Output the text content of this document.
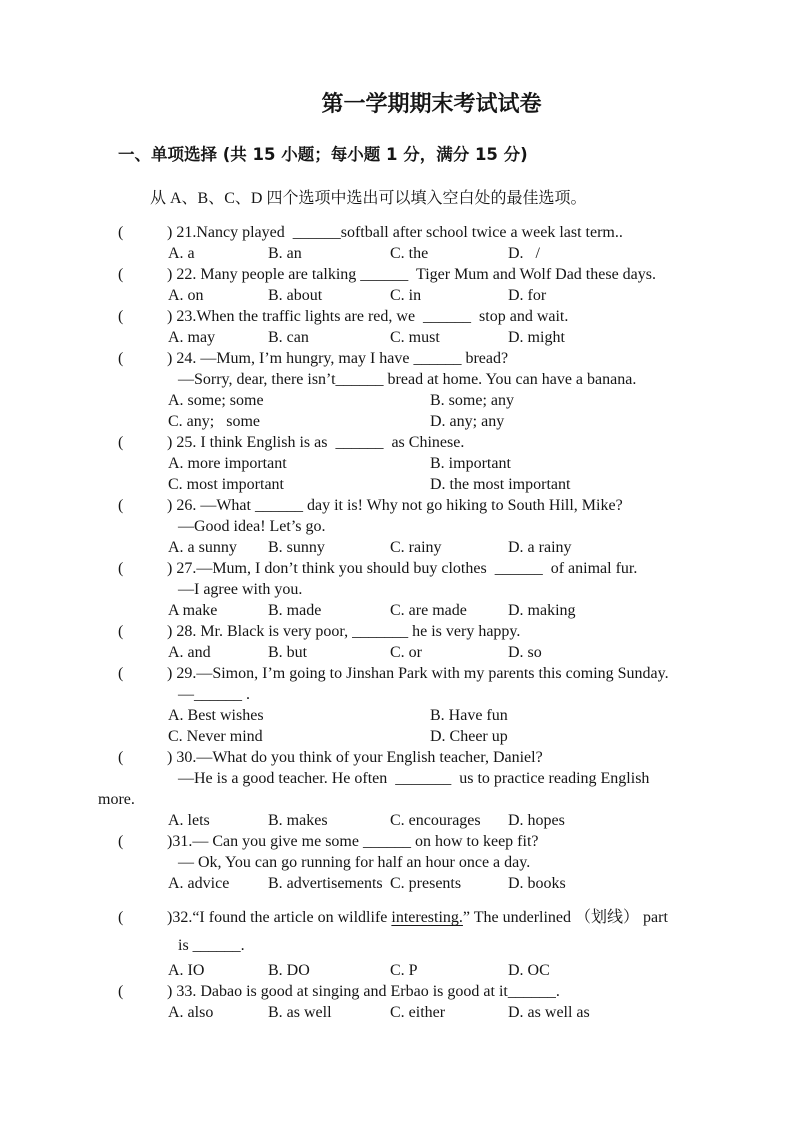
第一学期期末考试试卷
一、单项选择 (共 15 小题；每小题 1 分，满分 15 分)
从 A、B、C、D 四个选项中选出可以填入空白处的最佳选项。
(	) 21.Nancy played  ______softball after school twice a week last term..
A. a	B. an	C. the	D.   /
(	) 22. Many people are talking ______  Tiger Mum and Wolf Dad these days.
A. on	B. about	C. in	D. for
(	) 23.When the traffic lights are red, we  ______  stop and wait.
A. may	B. can	C. must	D. might
(	) 24. —Mum, I’m hungry, may I have ______ bread?
—Sorry, dear, there isn’t______ bread at home. You can have a banana.
A. some; some	B. some; any
C. any;   some	D. any; any
(	) 25. I think English is as  ______  as Chinese.
A. more important	B. important
C. most important	D. the most important
(	) 26. —What ______ day it is! Why not go hiking to South Hill, Mike?
—Good idea! Let’s go.
A. a sunny	B. sunny	C. rainy	D. a rainy
(	) 27.—Mum, I don’t think you should buy clothes  ______  of animal fur.
—I agree with you.
A make	B. made	C. are made	D. making
(	) 28. Mr. Black is very poor, _______ he is very happy.
A. and	B. but	C. or	D. so
(	) 29.—Simon, I’m going to Jinshan Park with my parents this coming Sunday.
—______ .
A. Best wishes	B. Have fun
C. Never mind	D. Cheer up
(	) 30.—What do you think of your English teacher, Daniel?
—He is a good teacher. He often  _______  us to practice reading English
more.
A. lets	B. makes	C. encourages	D. hopes
(	)31.— Can you give me some ______ on how to keep fit?
— Ok, You can go running for half an hour once a day.
A. advice	B. advertisements C. presents	D. books
(	)32.“I found the article on wildlife interesting.” The underlined （划线） part
is ______.
A. IO	B. DO	C. P	D. OC
(	) 33. Dabao is good at singing and Erbao is good at it______.
A. also	B. as well	C. either	D. as well as
